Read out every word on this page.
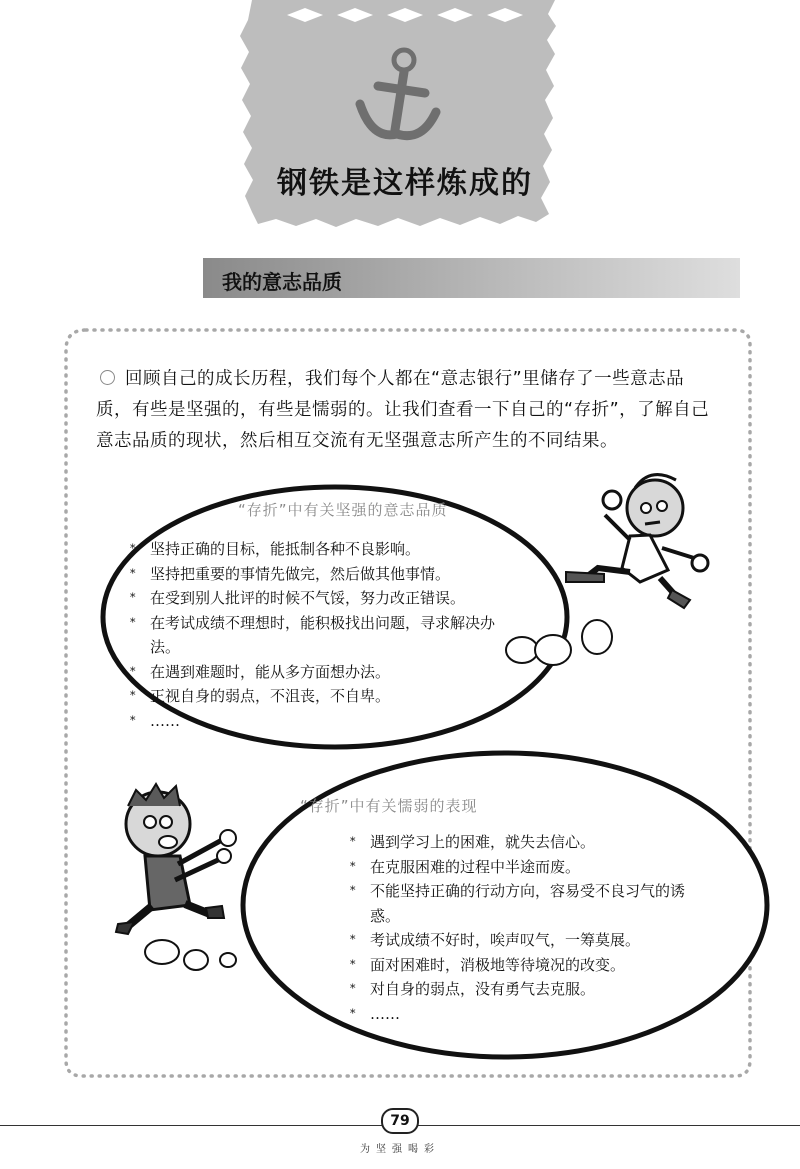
钢铁是这样炼成的
我的意志品质
回顾自己的成长历程，我们每个人都在“意志银行”里储存了一些意志品质，有些是坚强的，有些是懦弱的。让我们查看一下自己的“存折”，了解自己意志品质的现状，然后相互交流有无坚强意志所产生的不同结果。
“存折”中有关坚强的意志品质
* 坚持正确的目标，能抵制各种不良影响。
* 坚持把重要的事情先做完，然后做其他事情。
* 在受到别人批评的时候不气馁，努力改正错误。
* 在考试成绩不理想时，能积极找出问题，寻求解决办法。
* 在遇到难题时，能从多方面想办法。
* 正视自身的弱点，不沮丧，不自卑。
* ……
“存折”中有关懦弱的表现
* 遇到学习上的困难，就失去信心。
* 在克服困难的过程中半途而废。
* 不能坚持正确的行动方向，容易受不良习气的诱惑。
* 考试成绩不好时，唉声叹气，一筹莫展。
* 面对困难时，消极地等待境况的改变。
* 对自身的弱点，没有勇气去克服。
* ……
79
为坚强喝彩
